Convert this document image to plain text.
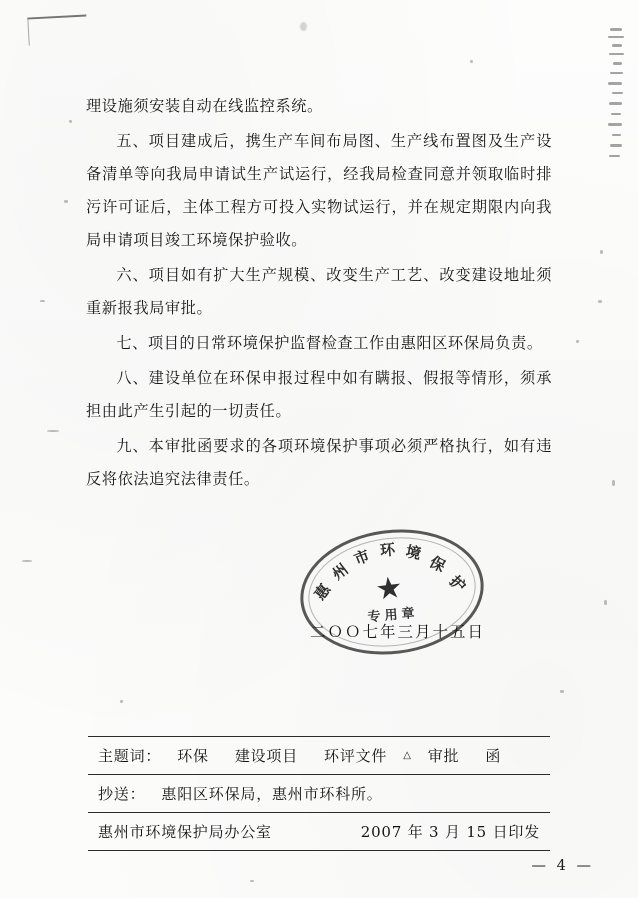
理设施须安装自动在线监控系统。

五、项目建成后，携生产车间布局图、生产线布置图及生产设备清单等向我局申请试生产试运行，经我局检查同意并领取临时排污许可证后，主体工程方可投入实物试运行，并在规定期限内向我局申请项目竣工环境保护验收。

六、项目如有扩大生产规模、改变生产工艺、改变建设地址须重新报我局审批。

七、项目的日常环境保护监督检查工作由惠阳区环保局负责。

八、建设单位在环保申报过程中如有瞒报、假报等情形，须承担由此产生引起的一切责任。

九、本审批函要求的各项环境保护事项必须严格执行，如有违反将依法追究法律责任。

惠
州
市 环 境 保
护
★
专用章
二ＯＯ七年三月十五日
主题词： 环保 建设项目 环评文件 △ 审批 函
抄送： 惠阳区环保局，惠州市环科所。
惠州市环境保护局办公室	2007 年 3 月 15 日印发
— 4 —
